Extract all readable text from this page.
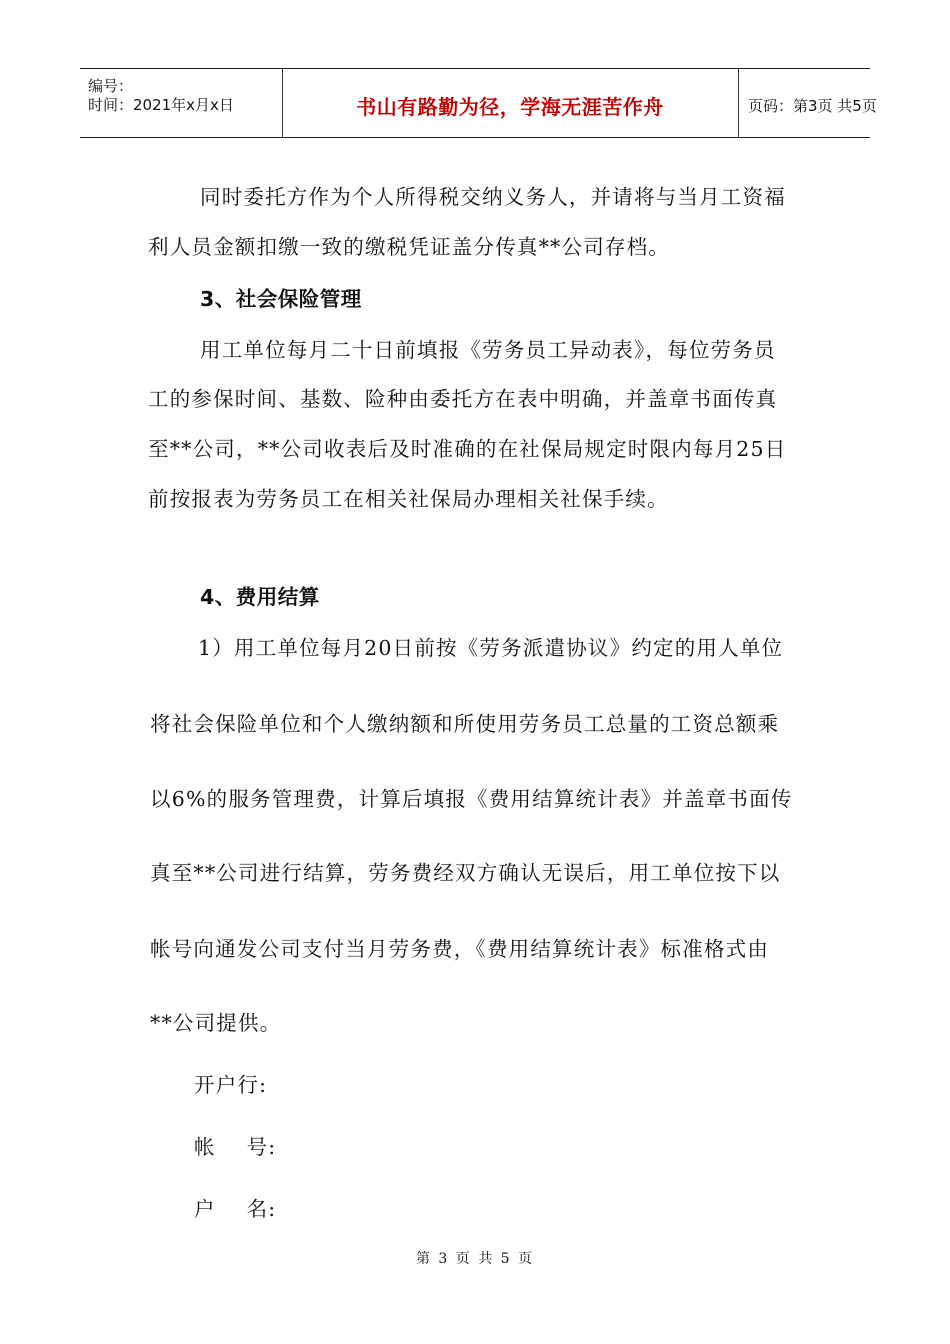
编号：
时间：2021年x月x日	书山有路勤为径，学海无涯苦作舟	页码：第3页 共5页
同时委托方作为个人所得税交纳义务人，并请将与当月工资福
利人员金额扣缴一致的缴税凭证盖分传真**公司存档。
3、社会保险管理
用工单位每月二十日前填报《劳务员工异动表》，每位劳务员
工的参保时间、基数、险种由委托方在表中明确，并盖章书面传真
至**公司，**公司收表后及时准确的在社保局规定时限内每月25日
前按报表为劳务员工在相关社保局办理相关社保手续。
4、费用结算
1）用工单位每月20日前按《劳务派遣协议》约定的用人单位
将社会保险单位和个人缴纳额和所使用劳务员工总量的工资总额乘
以6%的服务管理费，计算后填报《费用结算统计表》并盖章书面传
真至**公司进行结算，劳务费经双方确认无误后，用工单位按下以
帐号向通发公司支付当月劳务费，《费用结算统计表》标准格式由
**公司提供。
开户行:
帐    号:
户    名:
第 3 页 共 5 页
